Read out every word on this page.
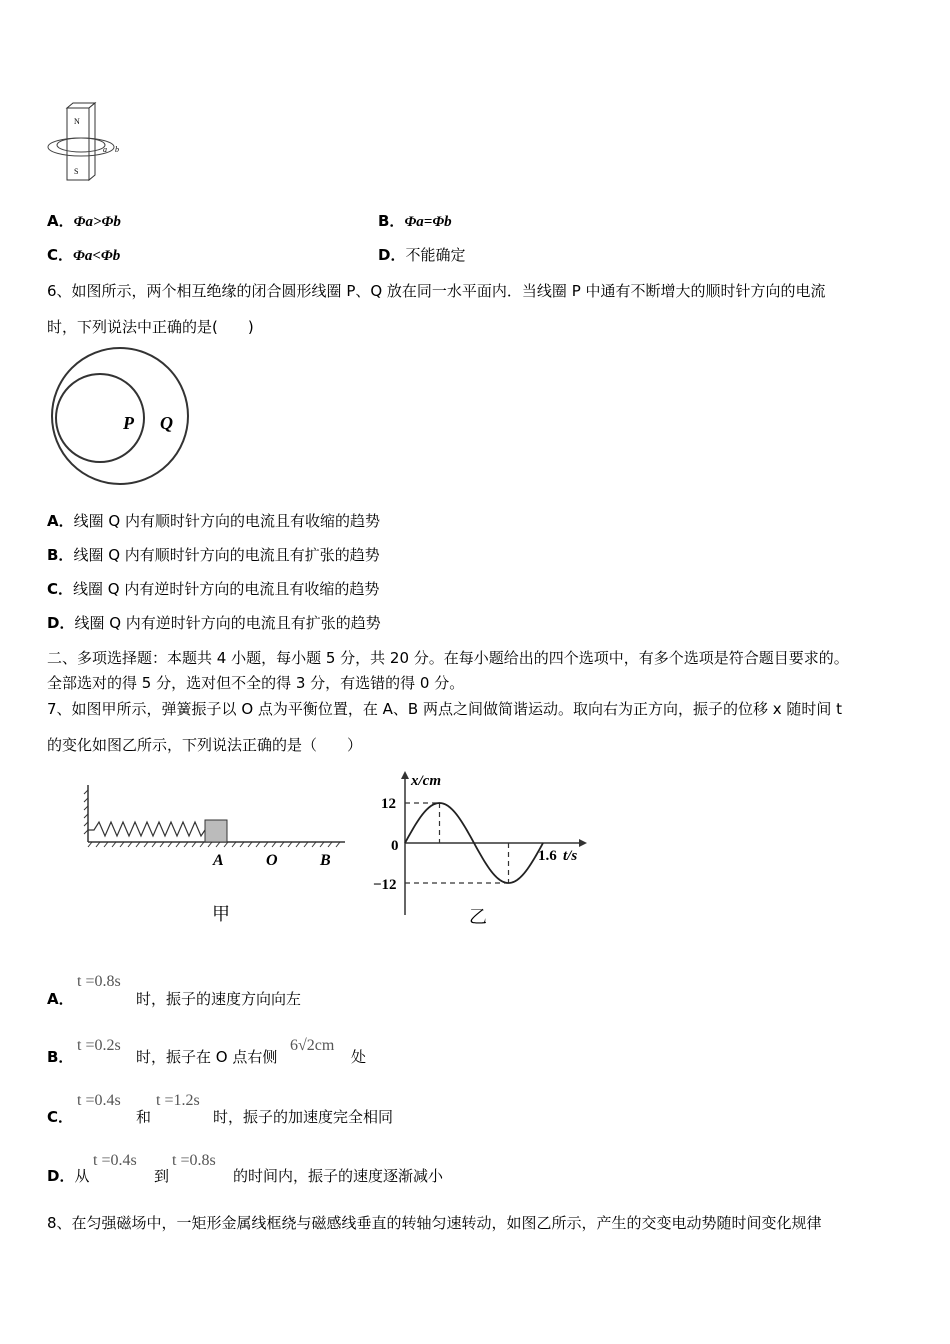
N
S
a b
A．Φa>Φb	B．Φa=Φb
C．Φa<Φb	D．不能确定
6、如图所示，两个相互绝缘的闭合圆形线圈 P、Q 放在同一水平面内．当线圈 P 中通有不断增大的顺时针方向的电流
时，下列说法中正确的是(　　)
P Q
A．线圈 Q 内有顺时针方向的电流且有收缩的趋势
B．线圈 Q 内有顺时针方向的电流且有扩张的趋势
C．线圈 Q 内有逆时针方向的电流且有收缩的趋势
D．线圈 Q 内有逆时针方向的电流且有扩张的趋势
二、多项选择题：本题共 4 小题，每小题 5 分，共 20 分。在每小题给出的四个选项中，有多个选项是符合题目要求的。
全部选对的得 5 分，选对但不全的得 3 分，有选错的得 0 分。
7、如图甲所示，弹簧振子以 O 点为平衡位置，在 A、B 两点之间做简谐运动。取向右为正方向，振子的位移 x 随时间 t
的变化如图乙所示，下列说法正确的是（　　）
A	O	B
甲
x/cm
12
0
−12
1.6 t/s
乙
A．
t =0.8s
时，振子的速度方向向左
B．
t =0.2s
时，振子在 O 点右侧
6√2cm
处
C．
t =0.4s
和
t =1.2s
时，振子的加速度完全相同
D．从
t =0.4s
到
t =0.8s
的时间内，振子的速度逐渐减小
8、在匀强磁场中，一矩形金属线框绕与磁感线垂直的转轴匀速转动，如图乙所示，产生的交变电动势随时间变化规律
